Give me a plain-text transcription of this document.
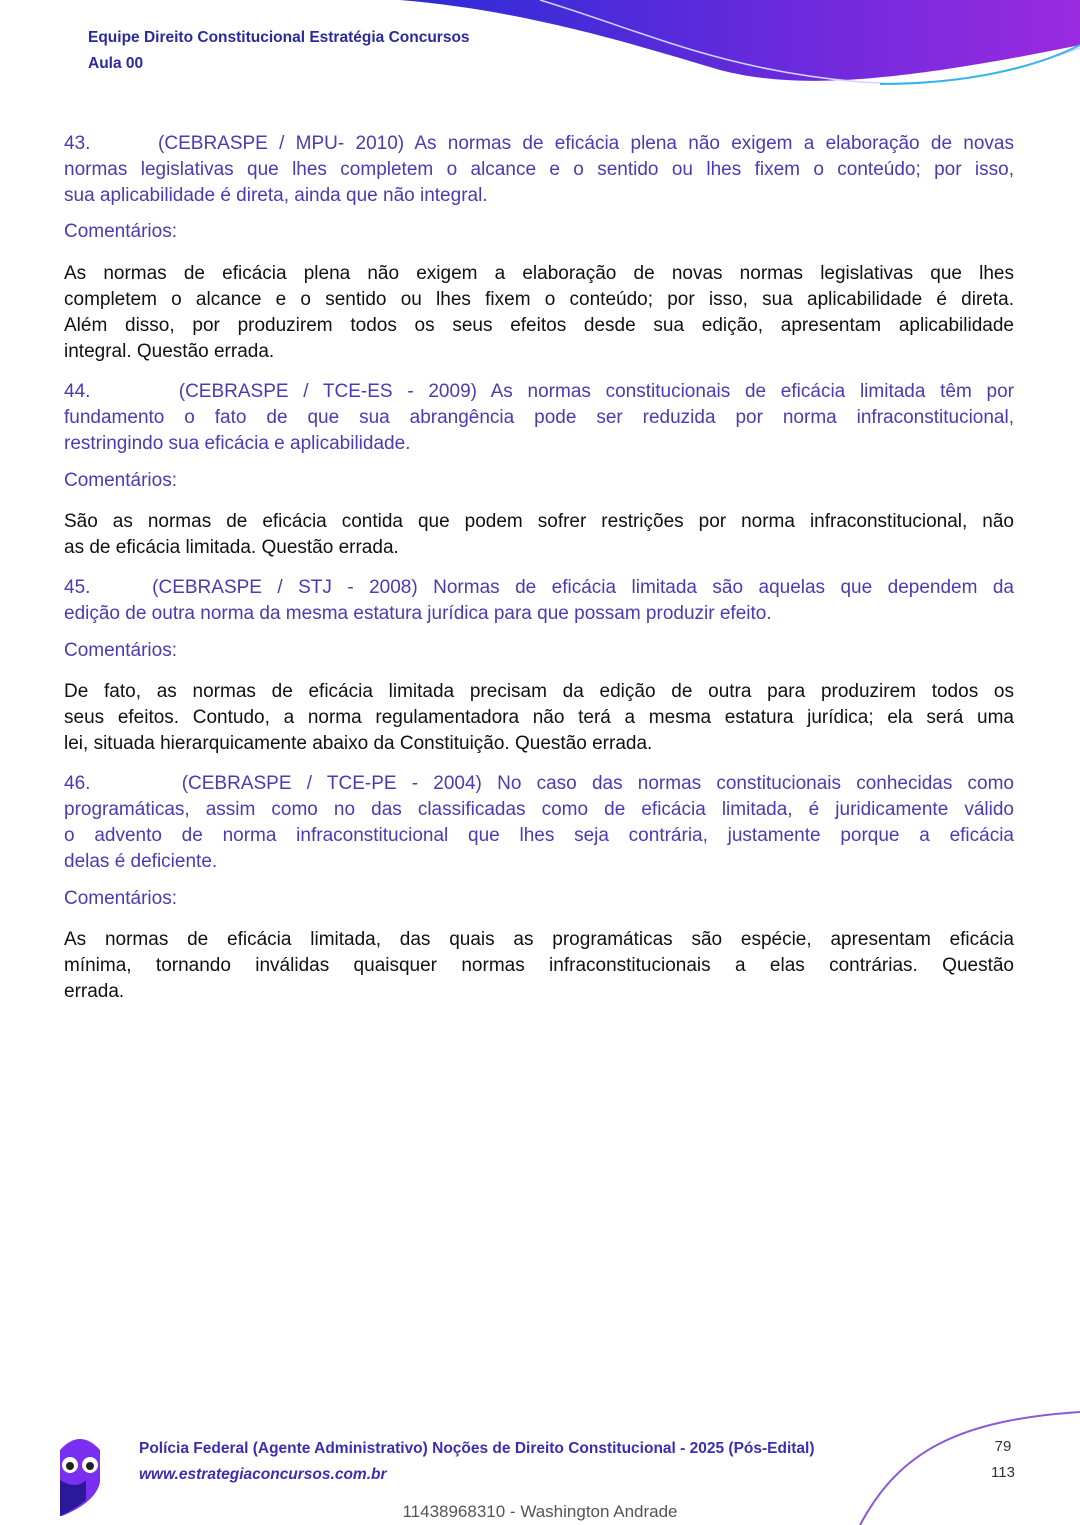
Equipe Direito Constitucional Estratégia Concursos
Aula 00
43.      (CEBRASPE / MPU- 2010) As normas de eficácia plena não exigem a elaboração de novas
normas legislativas que lhes completem o alcance e o sentido ou lhes fixem o conteúdo; por isso,
sua aplicabilidade é direta, ainda que não integral.
Comentários:
As normas de eficácia plena não exigem a elaboração de novas normas legislativas que lhes
completem o alcance e o sentido ou lhes fixem o conteúdo; por isso, sua aplicabilidade é direta.
Além disso, por produzirem todos os seus efeitos desde sua edição, apresentam aplicabilidade
integral. Questão errada.
44.      (CEBRASPE / TCE-ES - 2009) As normas constitucionais de eficácia limitada têm por
fundamento o fato de que sua abrangência pode ser reduzida por norma infraconstitucional,
restringindo sua eficácia e aplicabilidade.
Comentários:
São as normas de eficácia contida que podem sofrer restrições por norma infraconstitucional, não
as de eficácia limitada. Questão errada.
45.    (CEBRASPE / STJ - 2008) Normas de eficácia limitada são aquelas que dependem da
edição de outra norma da mesma estatura jurídica para que possam produzir efeito.
Comentários:
De fato, as normas de eficácia limitada precisam da edição de outra para produzirem todos os
seus efeitos. Contudo, a norma regulamentadora não terá a mesma estatura jurídica; ela será uma
lei, situada hierarquicamente abaixo da Constituição. Questão errada.
46.      (CEBRASPE / TCE-PE - 2004) No caso das normas constitucionais conhecidas como
programáticas, assim como no das classificadas como de eficácia limitada, é juridicamente válido
o advento de norma infraconstitucional que lhes seja contrária, justamente porque a eficácia
delas é deficiente.
Comentários:
As normas de eficácia limitada, das quais as programáticas são espécie, apresentam eficácia
mínima, tornando inválidas quaisquer normas infraconstitucionais a elas contrárias. Questão
errada.
Polícia Federal (Agente Administrativo) Noções de Direito Constitucional - 2025 (Pós-Edital)
www.estrategiaconcursos.com.br
79
113
11438968310 - Washington Andrade
